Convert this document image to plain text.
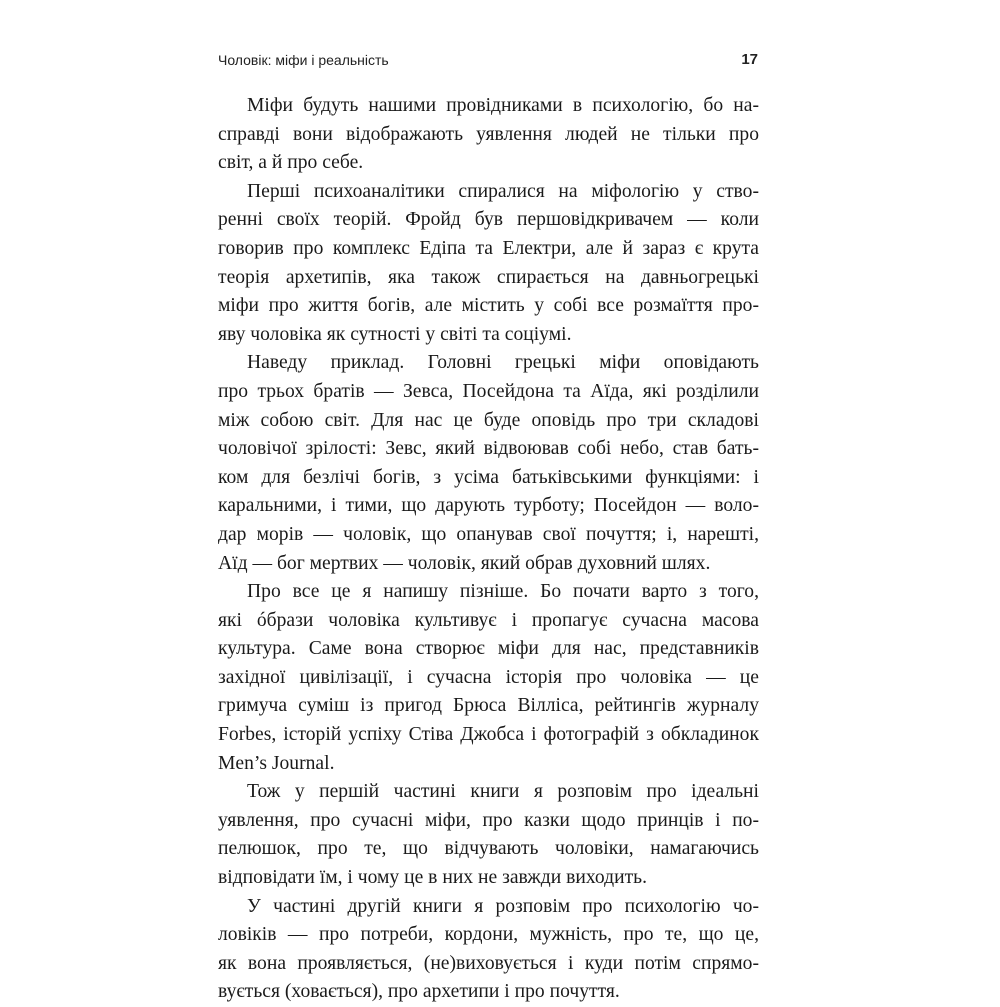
Чоловік: міфи і реальність	17
Міфи будуть нашими провідниками в психологію, бо на-
справді вони відображають уявлення людей не тільки про
світ, а й про себе.
Перші психоаналітики спиралися на міфологію у ство-
ренні своїх теорій. Фройд був першовідкривачем — коли
говорив про комплекс Едіпа та Електри, але й зараз є крута
теорія архетипів, яка також спирається на давньогрецькі
міфи про життя богів, але містить у собі все розмаїття про-
яву чоловіка як сутності у світі та соціумі.
Наведу приклад. Головні грецькі міфи оповідають
про трьох братів — Зевса, Посейдона та Аїда, які розділили
між собою світ. Для нас це буде оповідь про три складові
чоловічої зрілості: Зевс, який відвоював собі небо, став бать-
ком для безлічі богів, з усіма батьківськими функціями: і
каральними, і тими, що дарують турботу; Посейдон — воло-
дар морів — чоловік, що опанував свої почуття; і, нарешті,
Аїд — бог мертвих — чоловік, який обрав духовний шлях.
Про все це я напишу пізніше. Бо почати варто з того,
які óбрази чоловіка культивує і пропагує сучасна масова
культура. Саме вона створює міфи для нас, представників
західної цивілізації, і сучасна історія про чоловіка — це
гримуча суміш із пригод Брюса Вілліса, рейтингів журналу
Forbes, історій успіху Стіва Джобса і фотографій з обкладинок
Men’s Journal.
Тож у першій частині книги я розповім про ідеальні
уявлення, про сучасні міфи, про казки щодо принців і по-
пелюшок, про те, що відчувають чоловіки, намагаючись
відповідати їм, і чому це в них не завжди виходить.
У частині другій книги я розповім про психологію чо-
ловіків — про потреби, кордони, мужність, про те, що це,
як вона проявляється, (не)виховується і куди потім спрямо-
вується (ховається), про архетипи і про почуття.
